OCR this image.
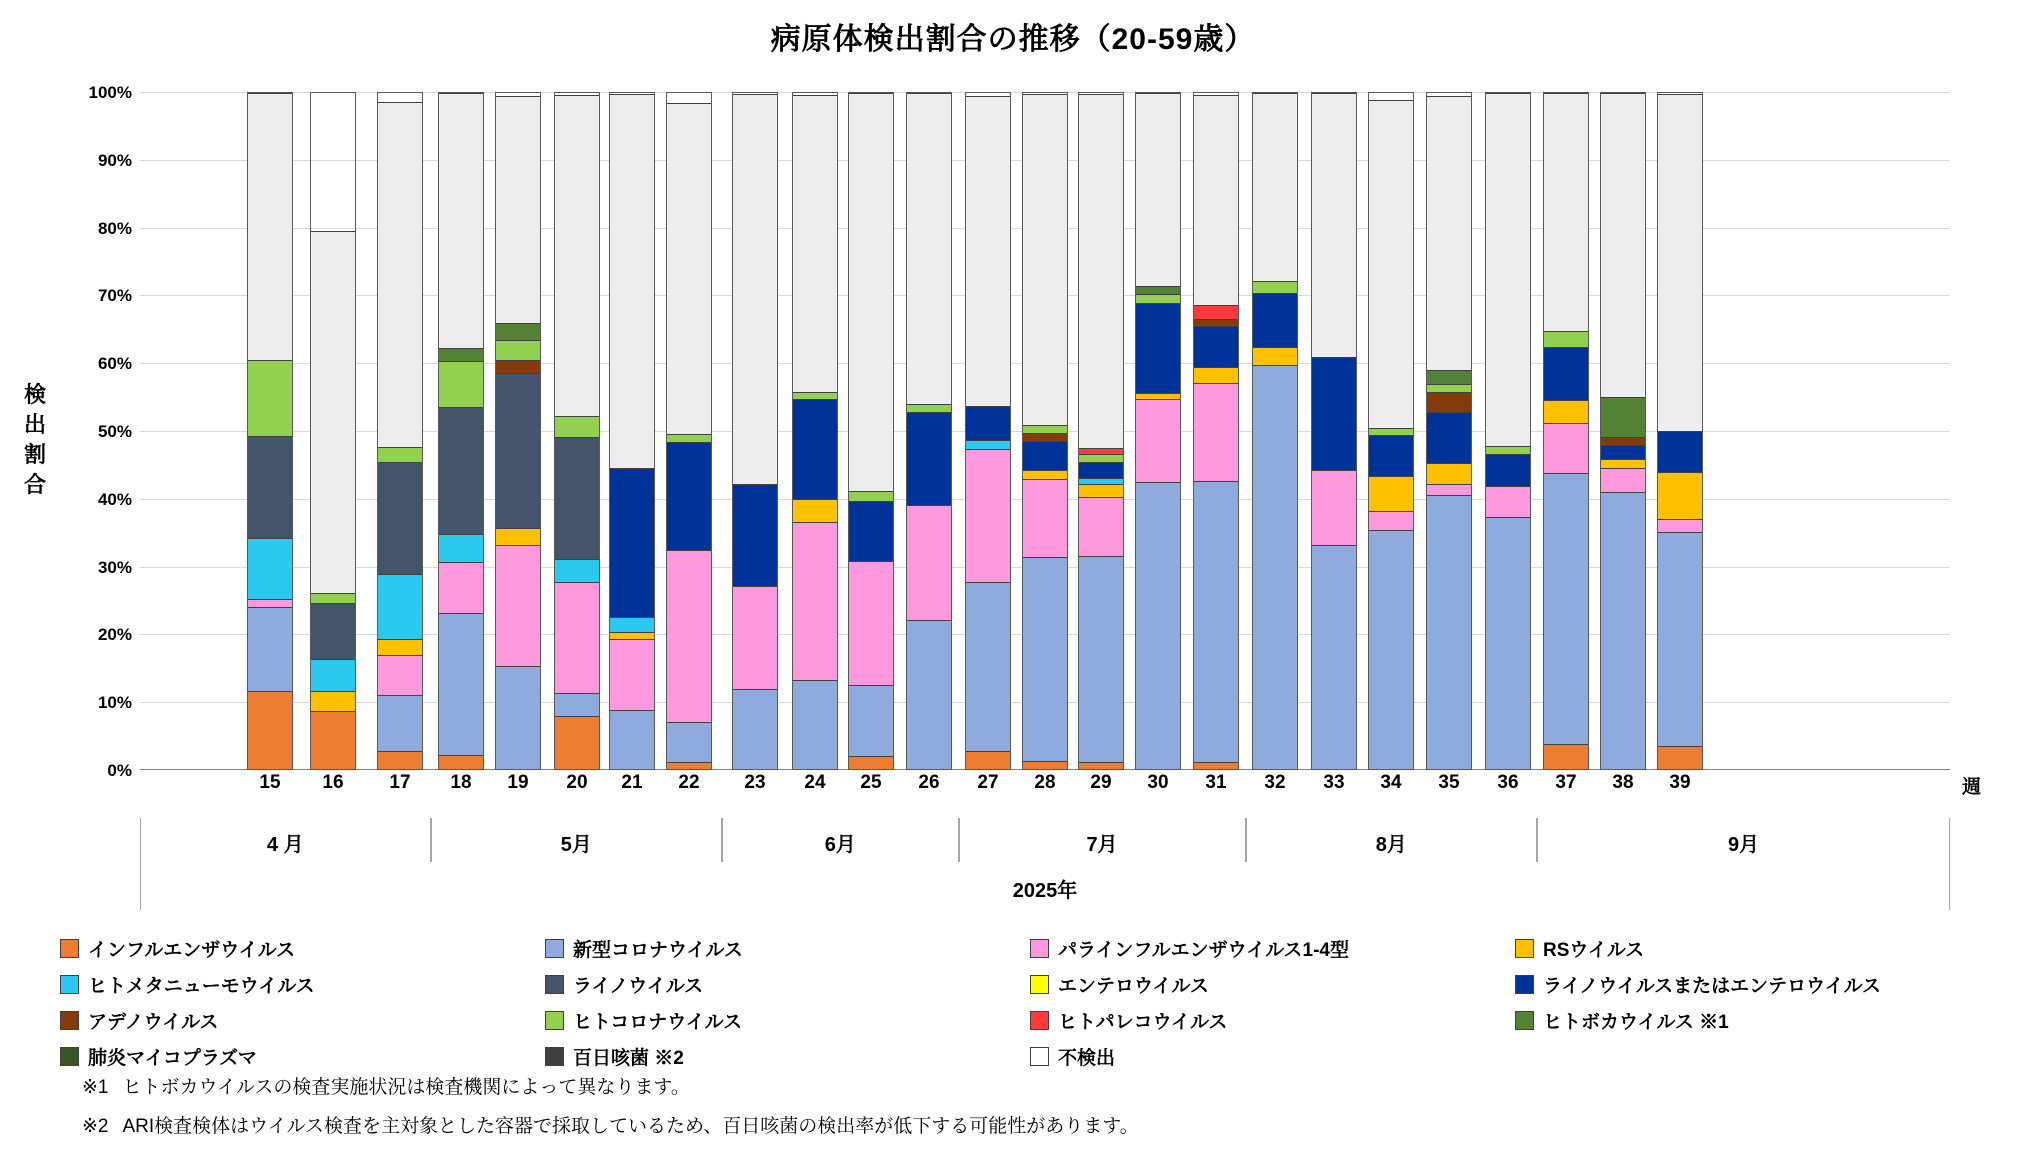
病原体検出割合の推移（20-59歳）
検出割合
0%
10%
20%
30%
40%
50%
60%
70%
80%
90%
100%
15	16	17	18	19	20	21	22	23	24	25	26	27	28	29	30	31	32	33	34	35	36	37	38	39	週
4 月	5月	6月	7月	8月	9月
2025年
インフルエンザウイルス	新型コロナウイルス	パラインフルエンザウイルス1-4型	RSウイルス
ヒトメタニューモウイルス	ライノウイルス	エンテロウイルス	ライノウイルスまたはエンテロウイルス
アデノウイルス	ヒトコロナウイルス	ヒトパレコウイルス	ヒトボカウイルス ※1
肺炎マイコプラズマ	百日咳菌 ※2	不検出
※1 ヒトボカウイルスの検査実施状況は検査機関によって異なります。
※2 ARI検査検体はウイルス検査を主対象とした容器で採取しているため、百日咳菌の検出率が低下する可能性があります。
